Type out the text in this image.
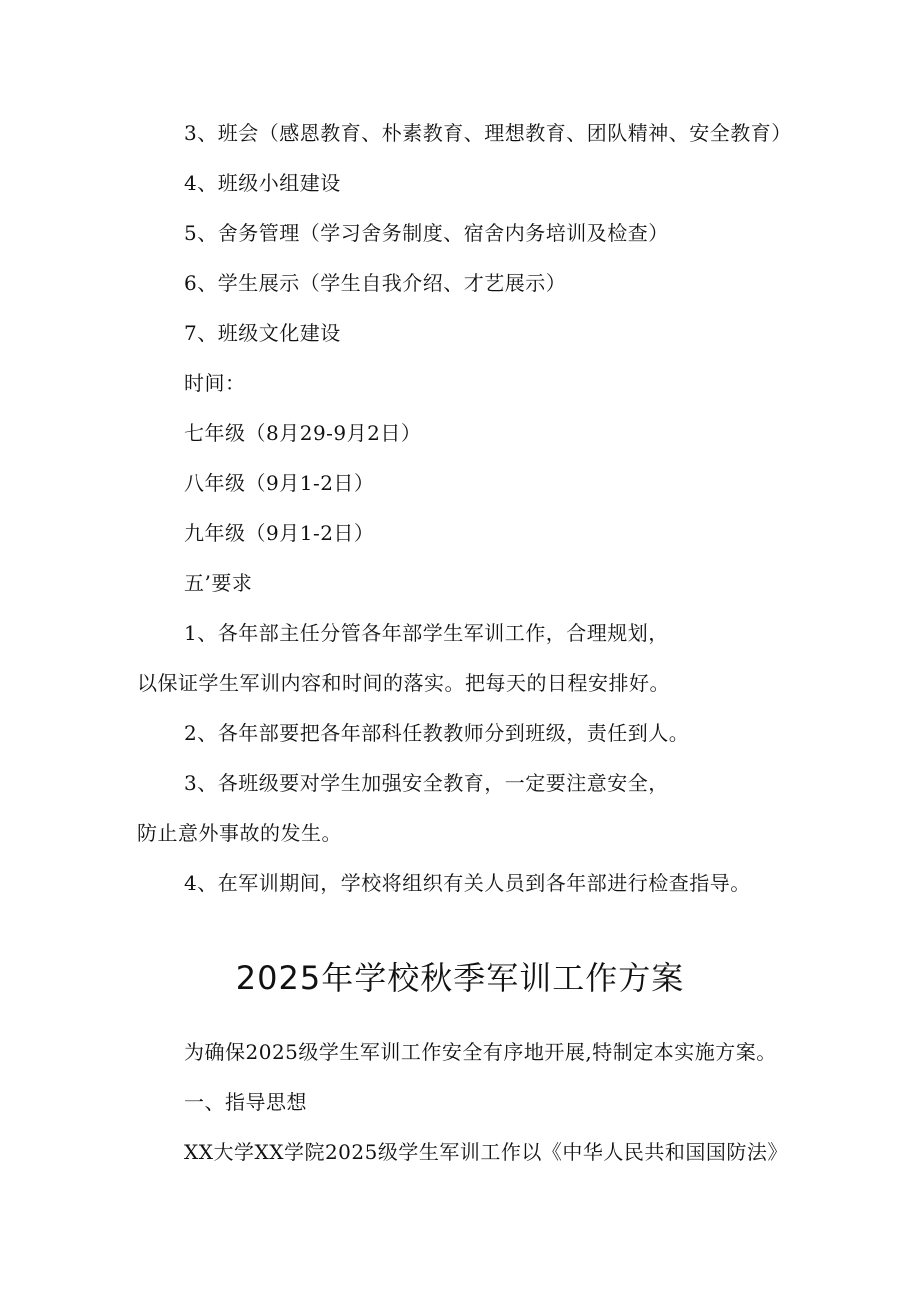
3、班会（感恩教育、朴素教育、理想教育、团队精神、安全教育）
4、班级小组建设
5、舍务管理（学习舍务制度、宿舍内务培训及检查）
6、学生展示（学生自我介绍、才艺展示）
7、班级文化建设
时间：
七年级（8月29-9月2日）
八年级（9月1-2日）
九年级（9月1-2日）
五’要求
1、各年部主任分管各年部学生军训工作，合理规划，
以保证学生军训内容和时间的落实。把每天的日程安排好。
2、各年部要把各年部科任教教师分到班级，责任到人。
3、各班级要对学生加强安全教育，一定要注意安全，
防止意外事故的发生。
4、在军训期间，学校将组织有关人员到各年部进行检查指导。
2025年学校秋季军训工作方案
为确保2025级学生军训工作安全有序地开展,特制定本实施方案。
一、指导思想
XX大学XX学院2025级学生军训工作以《中华人民共和国国防法》
